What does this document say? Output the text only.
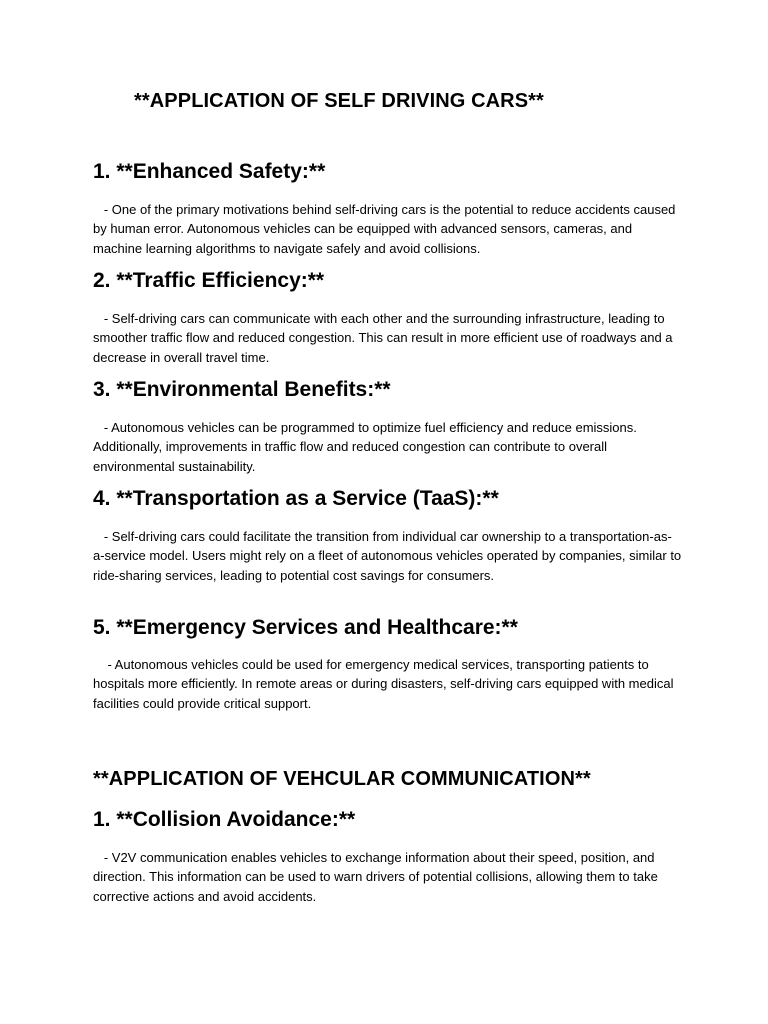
**APPLICATION OF SELF DRIVING CARS**
1. **Enhanced Safety:**

- One of the primary motivations behind self-driving cars is the potential to reduce accidents caused by human error. Autonomous vehicles can be equipped with advanced sensors, cameras, and machine learning algorithms to navigate safely and avoid collisions.

2. **Traffic Efficiency:**

- Self-driving cars can communicate with each other and the surrounding infrastructure, leading to smoother traffic flow and reduced congestion. This can result in more efficient use of roadways and a decrease in overall travel time.

3. **Environmental Benefits:**

- Autonomous vehicles can be programmed to optimize fuel efficiency and reduce emissions. Additionally, improvements in traffic flow and reduced congestion can contribute to overall environmental sustainability.

4. **Transportation as a Service (TaaS):**

- Self-driving cars could facilitate the transition from individual car ownership to a transportation-as-a-service model. Users might rely on a fleet of autonomous vehicles operated by companies, similar to ride-sharing services, leading to potential cost savings for consumers.

5. **Emergency Services and Healthcare:**

- Autonomous vehicles could be used for emergency medical services, transporting patients to hospitals more efficiently. In remote areas or during disasters, self-driving cars equipped with medical facilities could provide critical support.

**APPLICATION OF VEHCULAR COMMUNICATION**
1. **Collision Avoidance:**

- V2V communication enables vehicles to exchange information about their speed, position, and direction. This information can be used to warn drivers of potential collisions, allowing them to take corrective actions and avoid accidents.
